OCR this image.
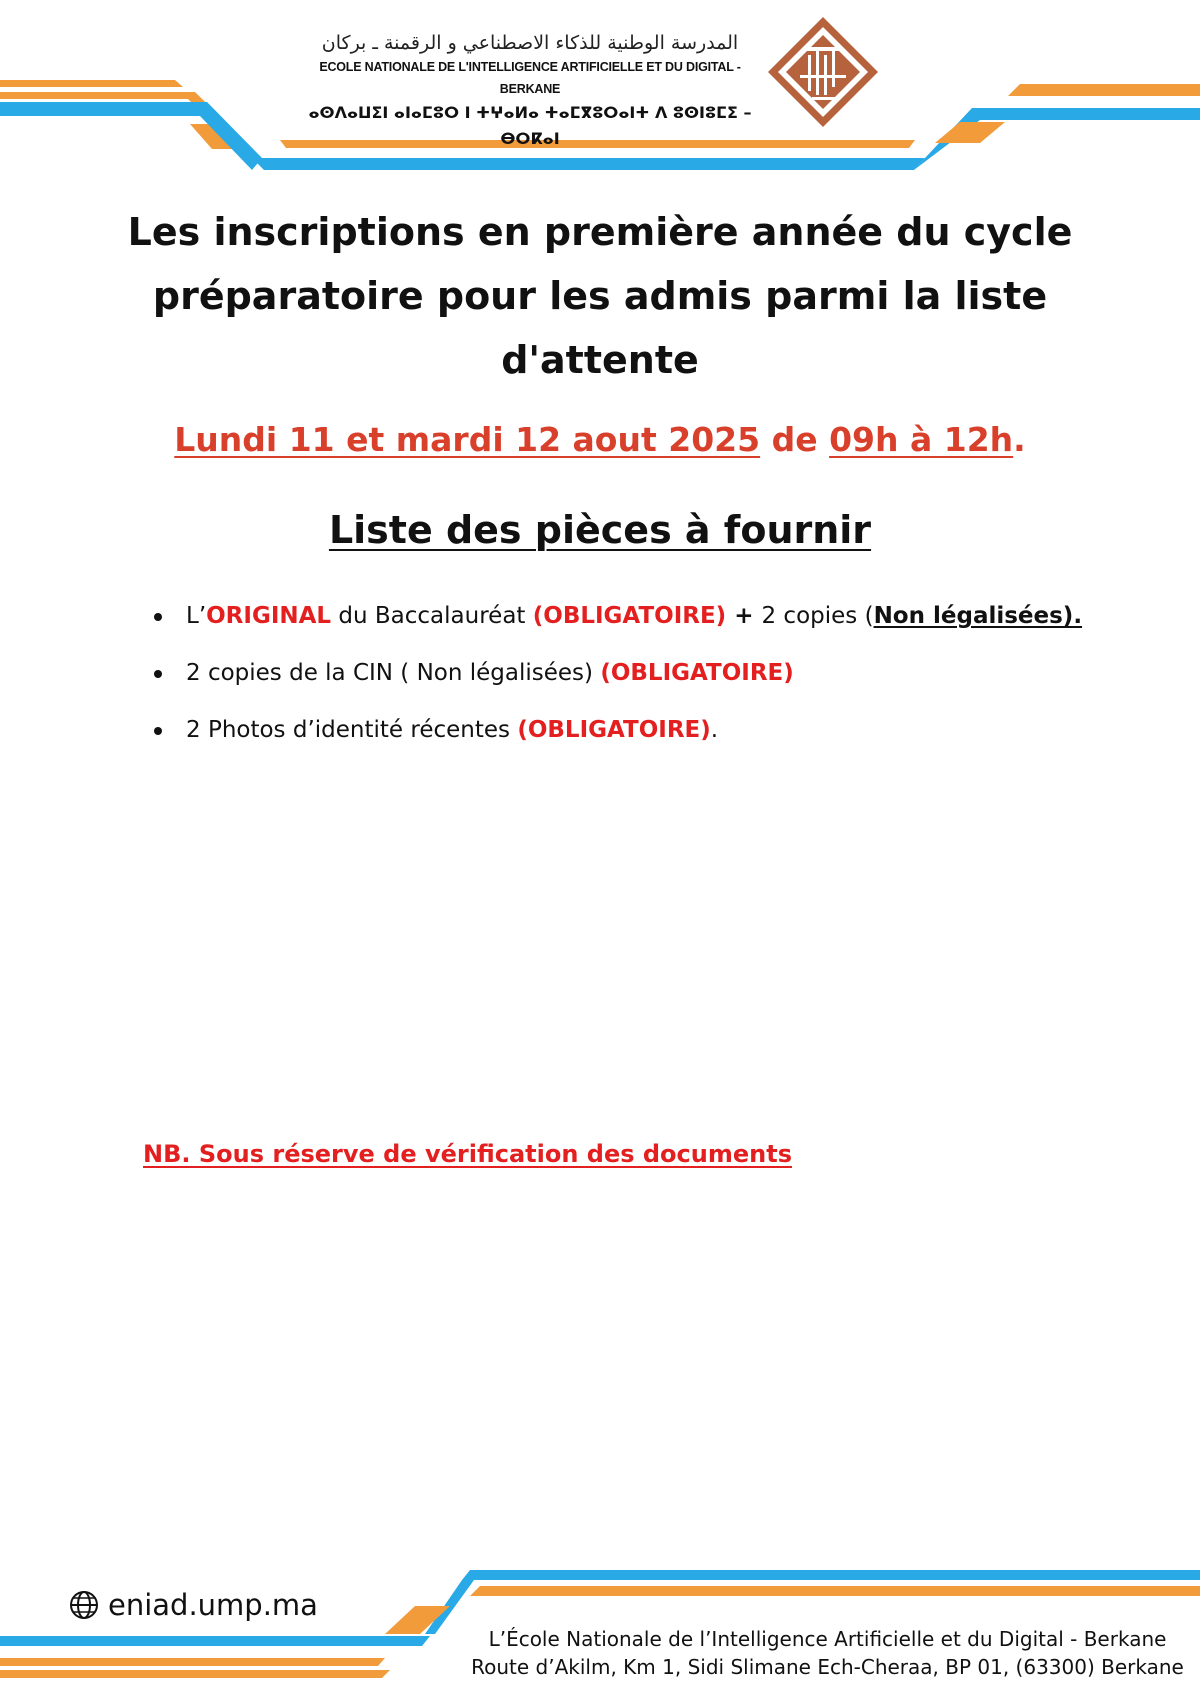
المدرسة الوطنية للذكاء الاصطناعي و الرقمنة ـ بركان
ECOLE NATIONALE DE L'INTELLIGENCE ARTIFICIELLE ET DU DIGITAL - BERKANE
ⴰⵙⴷⴰⵡⵉⵏ ⴰⵏⴰⵎⵓⵔ ⵏ ⵜⵖⴰⵍⴰ ⵜⴰⵎⴳⵓⵔⴰⵏⵜ ⴷ ⵓⵙⵏⵓⵎⵉ – ⴱⵔⴽⴰⵏ
Les inscriptions en première année du cycle
préparatoire pour les admis parmi la liste
d'attente
Lundi 11 et mardi 12 aout 2025 de 09h à 12h.
Liste des pièces à fournir
L’ORIGINAL du Baccalauréat (OBLIGATOIRE) + 2 copies (Non légalisées).
2 copies de la CIN ( Non légalisées) (OBLIGATOIRE)
2 Photos d’identité récentes (OBLIGATOIRE).
NB. Sous réserve de vérification des documents
eniad.ump.ma
L’École Nationale de l’Intelligence Artificielle et du Digital - Berkane
Route d’Akilm, Km 1, Sidi Slimane Ech-Cheraa, BP 01, (63300) Berkane
